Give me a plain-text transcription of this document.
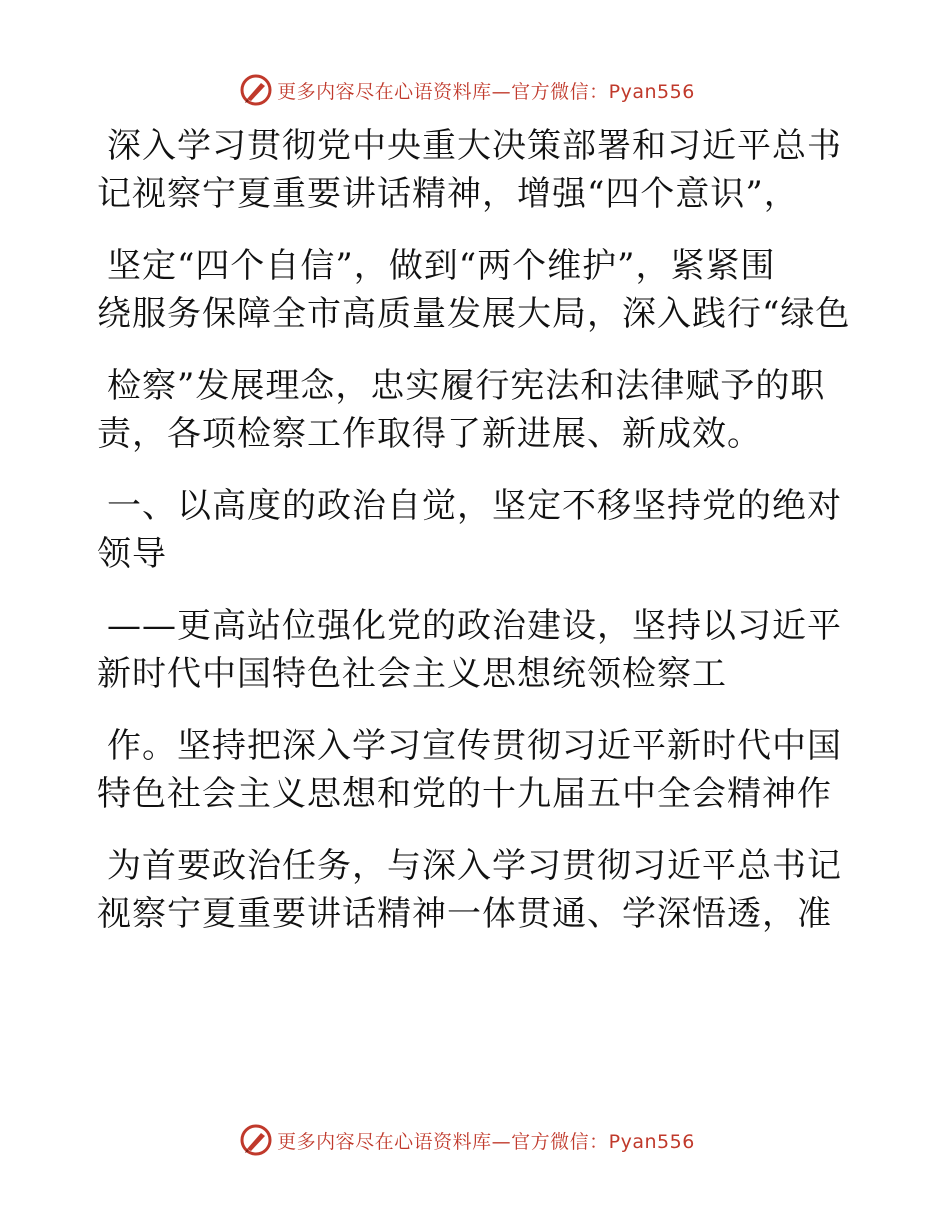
更多内容尽在心语资料库—官方微信：Pyan556
深入学习贯彻党中央重大决策部署和习近平总书
记视察宁夏重要讲话精神，增强“四个意识”，
坚定“四个自信”，做到“两个维护”，紧紧围
绕服务保障全市高质量发展大局，深入践行“绿色
检察”发展理念，忠实履行宪法和法律赋予的职
责，各项检察工作取得了新进展、新成效。
一、以高度的政治自觉，坚定不移坚持党的绝对
领导
——更高站位强化党的政治建设，坚持以习近平
新时代中国特色社会主义思想统领检察工
作。坚持把深入学习宣传贯彻习近平新时代中国
特色社会主义思想和党的十九届五中全会精神作
为首要政治任务，与深入学习贯彻习近平总书记
视察宁夏重要讲话精神一体贯通、学深悟透，准
更多内容尽在心语资料库—官方微信：Pyan556
